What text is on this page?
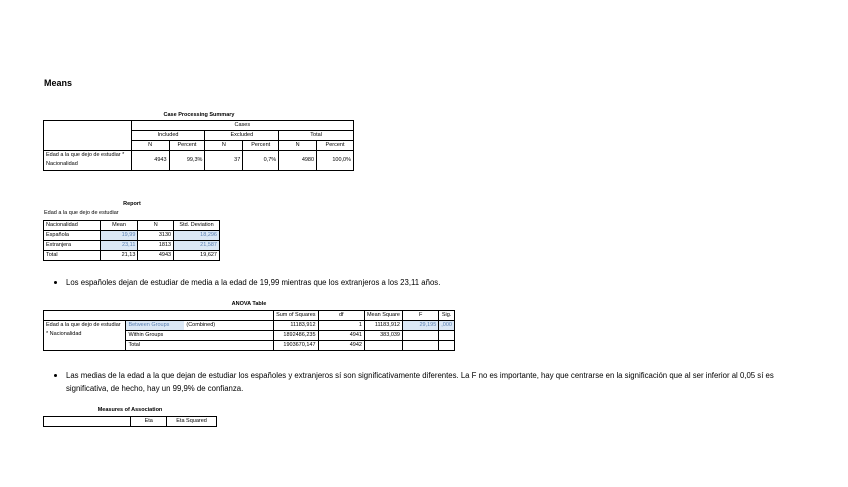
Means
Case Processing Summary
	Cases					
	Included		Excluded		Total	
	N	Percent	N	Percent	N	Percent
Edad a la que dejo de estudiar * Nacionalidad	4943	99,3%	37	0,7%	4980	100,0%
Report
Edad a la que dejo de estudiar
Nacionalidad	Mean	N	Std. Deviation
Española	19,99	3130	18,296
Extranjera	23,11	1813	21,587
Total	21,13	4943	19,627
Los españoles dejan de estudiar de media a la edad de 19,99 mientras que los extranjeros a los 23,11 años.
ANOVA Table
			Sum of Squares	df	Mean Square	F	Sig.
Edad a la que dejo de estudiar * Nacionalidad	Between Groups	(Combined)	11183,912	1	11183,912	29,195	,000
	Within Groups		1892486,235	4941	383,039		
	Total		1903670,147	4942			
Las medias de la edad a la que dejan de estudiar los españoles y extranjeros sí son significativamente diferentes. La F no es importante, hay que centrarse en la significación que al ser inferior al 0,05 sí es significativa, de hecho, hay un 99,9% de confianza.
Measures of Association
	Eta	Eta Squared
